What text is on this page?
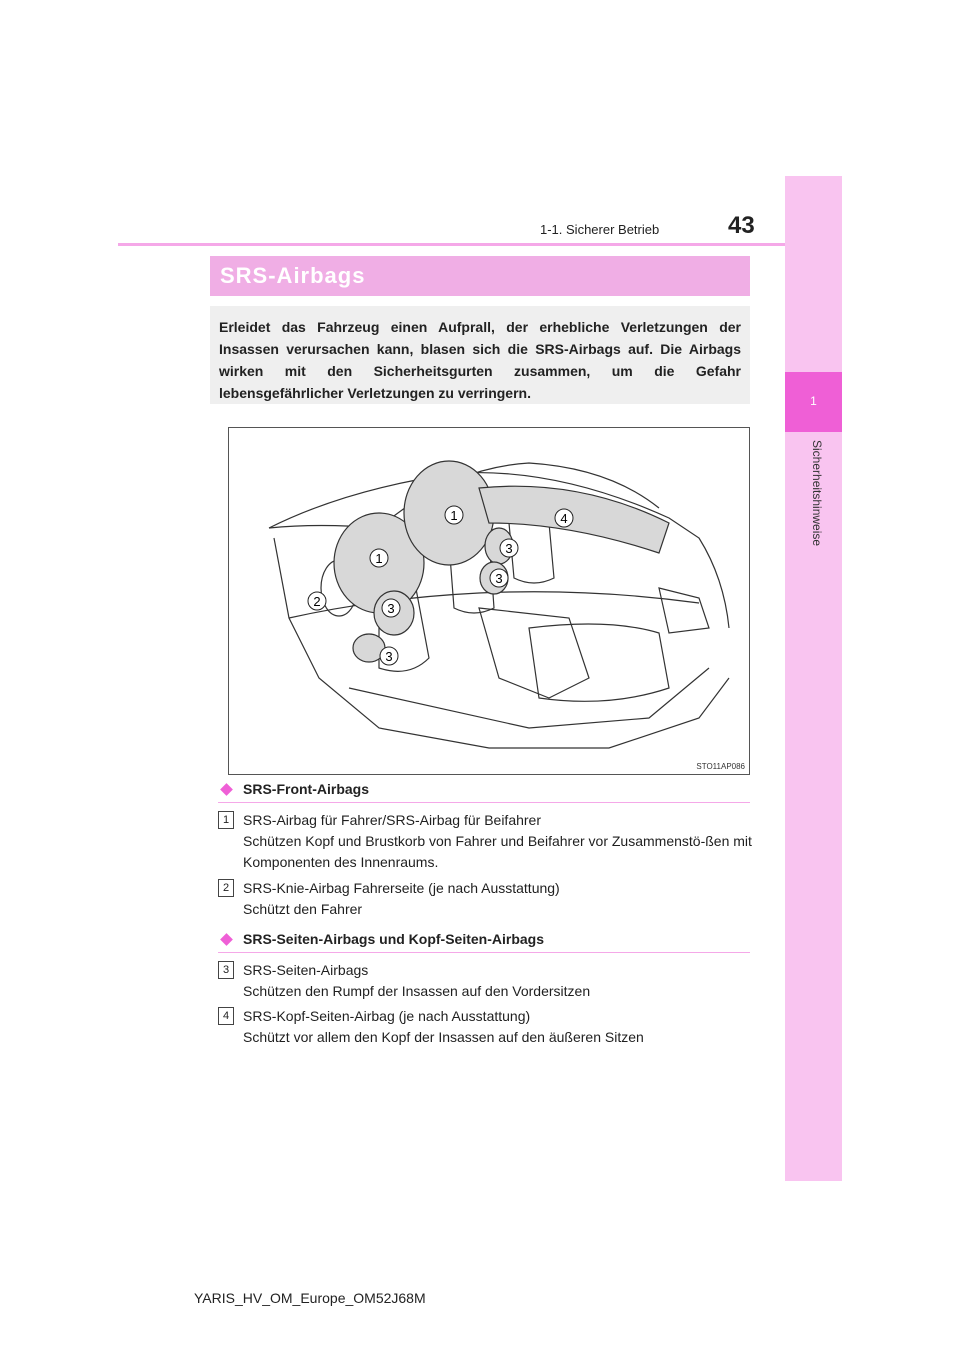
1
Sicherheitshinweise
1-1. Sicherer Betrieb	43
SRS-Airbags

Erleidet das Fahrzeug einen Aufprall, der erhebliche Verletzungen der Insassen verursachen kann, blasen sich die SRS-Airbags auf. Die Airbags wirken mit den Sicherheitsgurten zusammen, um die Gefahr lebensgefährlicher Verletzungen zu verringern.

1
1
2	3
3
3
3
4
STO11AP086
SRS-Front-Airbags
1 SRS-Airbag für Fahrer/SRS-Airbag für Beifahrer
Schützen Kopf und Brustkorb von Fahrer und Beifahrer vor Zusammenstö-ßen mit Komponenten des Innenraums.
2 SRS-Knie-Airbag Fahrerseite (je nach Ausstattung)
Schützt den Fahrer
SRS-Seiten-Airbags und Kopf-Seiten-Airbags
3 SRS-Seiten-Airbags
Schützen den Rumpf der Insassen auf den Vordersitzen
4 SRS-Kopf-Seiten-Airbag (je nach Ausstattung)
Schützt vor allem den Kopf der Insassen auf den äußeren Sitzen
YARIS_HV_OM_Europe_OM52J68M
